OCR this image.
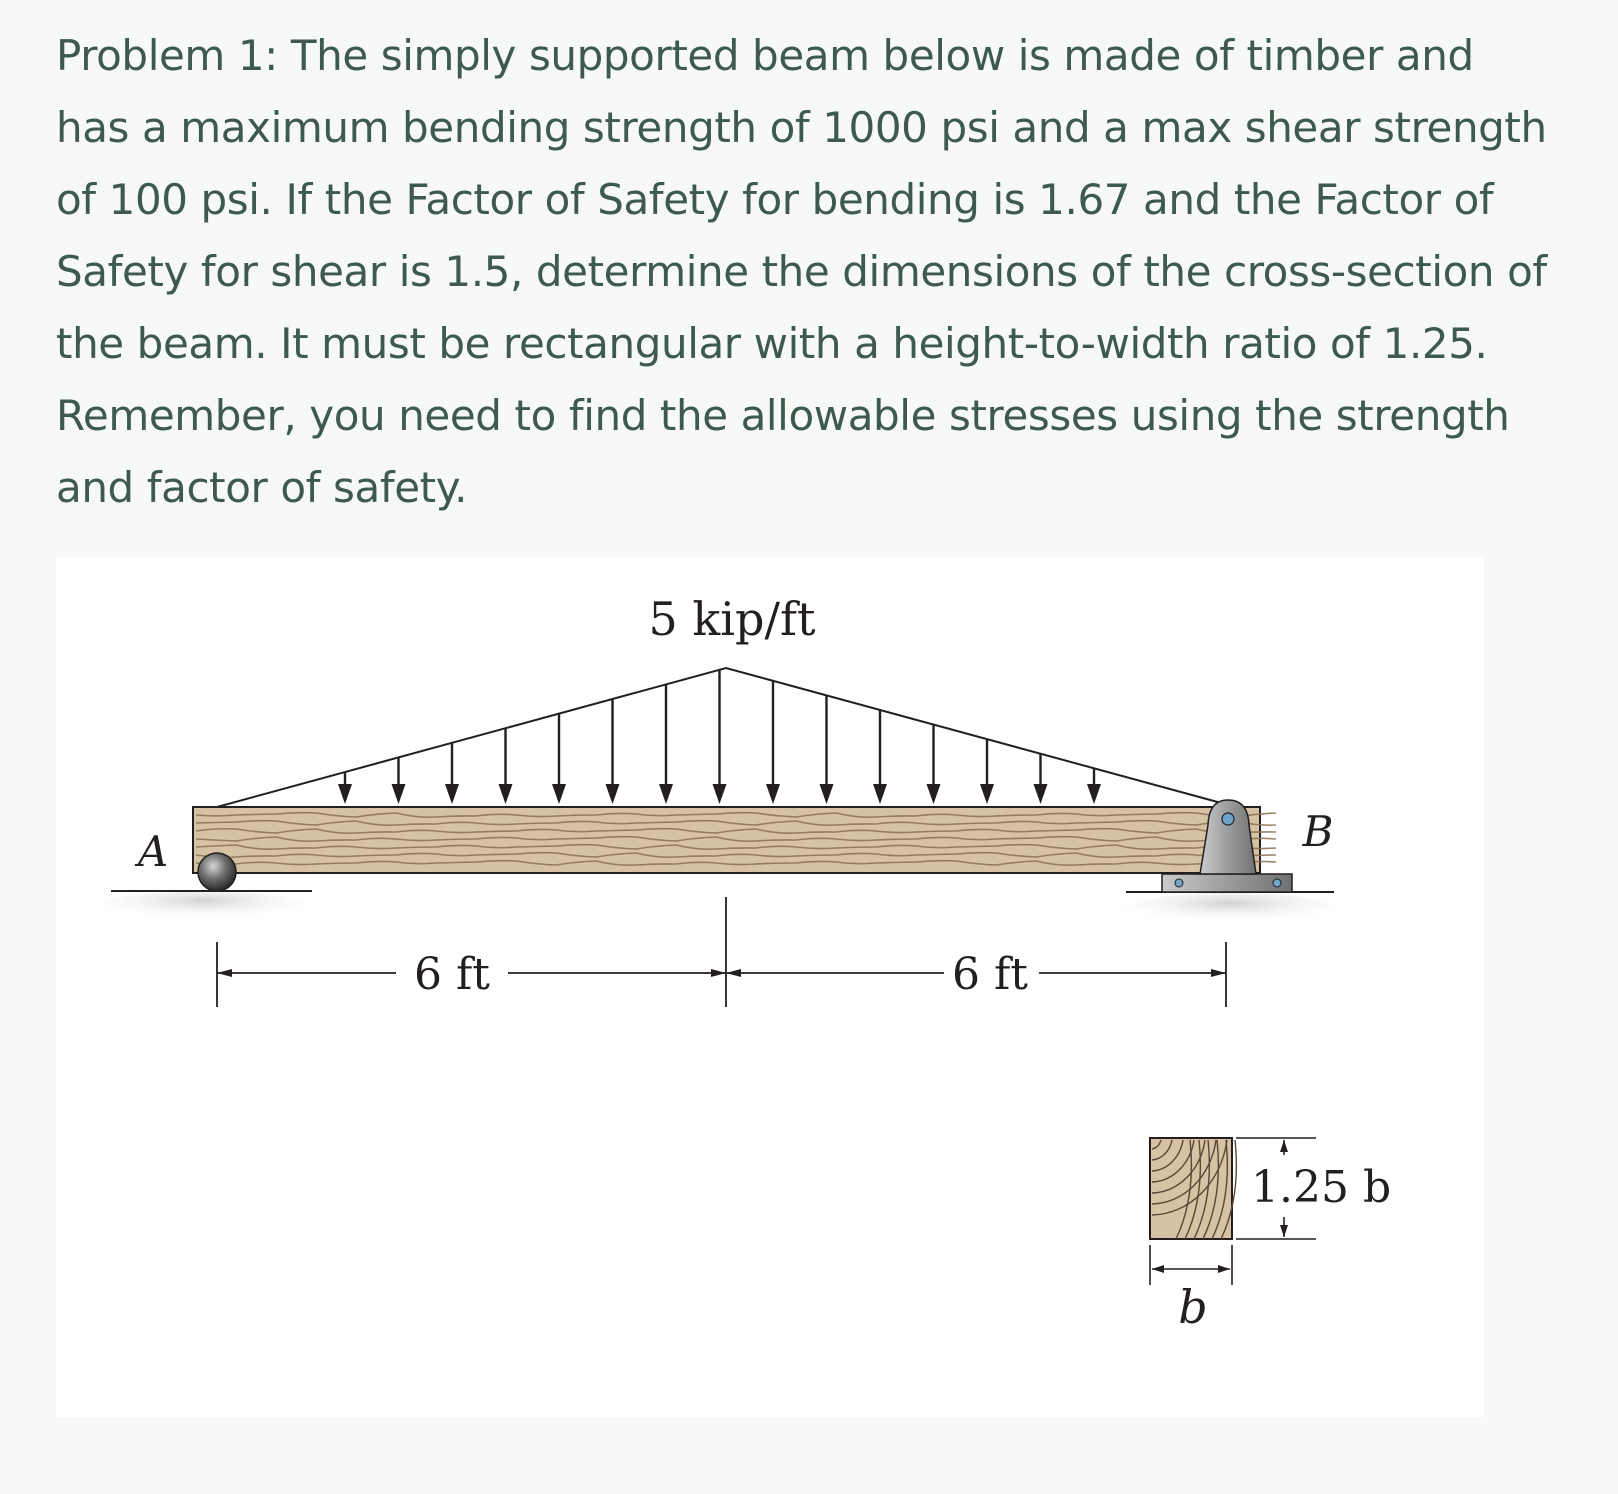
Problem 1: The simply supported beam below is made of timber and has a maximum bending strength of 1000 psi and a max shear strength of 100 psi. If the Factor of Safety for bending is 1.67 and the Factor of Safety for shear is 1.5, determine the dimensions of the cross-section of the beam. It must be rectangular with a height-to-width ratio of 1.25. Remember, you need to find the allowable stresses using the strength and factor of safety.

5 kip/ft
A	B
6 ft	6 ft
1.25 b
b
